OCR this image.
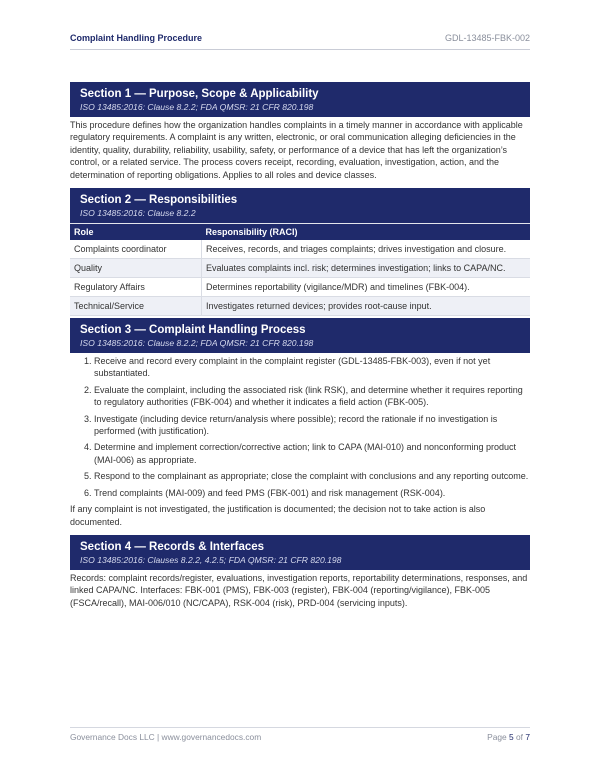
Complaint Handling Procedure	GDL-13485-FBK-002
Section 1 — Purpose, Scope & Applicability
ISO 13485:2016: Clause 8.2.2; FDA QMSR: 21 CFR 820.198

This procedure defines how the organization handles complaints in a timely manner in accordance with applicable regulatory requirements. A complaint is any written, electronic, or oral communication alleging deficiencies in the identity, quality, durability, reliability, usability, safety, or performance of a device that has left the organization’s control, or a related service. The process covers receipt, recording, evaluation, investigation, action, and the determination of reporting obligations. Applies to all roles and device classes.

Section 2 — Responsibilities
ISO 13485:2016: Clause 8.2.2
Role	Responsibility (RACI)
Complaints coordinator	Receives, records, and triages complaints; drives investigation and closure.
Quality	Evaluates complaints incl. risk; determines investigation; links to CAPA/NC.
Regulatory Affairs	Determines reportability (vigilance/MDR) and timelines (FBK-004).
Technical/Service	Investigates returned devices; provides root-cause input.
Section 3 — Complaint Handling Process
ISO 13485:2016: Clause 8.2.2; FDA QMSR: 21 CFR 820.198
1. Receive and record every complaint in the complaint register (GDL-13485-FBK-003), even if not yet substantiated.
2. Evaluate the complaint, including the associated risk (link RSK), and determine whether it requires reporting to regulatory authorities (FBK-004) and whether it indicates a field action (FBK-005).
3. Investigate (including device return/analysis where possible); record the rationale if no investigation is performed (with justification).
4. Determine and implement correction/corrective action; link to CAPA (MAI-010) and nonconforming product (MAI-006) as appropriate.
5. Respond to the complainant as appropriate; close the complaint with conclusions and any reporting outcome.
6. Trend complaints (MAI-009) and feed PMS (FBK-001) and risk management (RSK-004).

If any complaint is not investigated, the justification is documented; the decision not to take action is also documented.

Section 4 — Records & Interfaces
ISO 13485:2016: Clauses 8.2.2, 4.2.5; FDA QMSR: 21 CFR 820.198

Records: complaint records/register, evaluations, investigation reports, reportability determinations, responses, and linked CAPA/NC. Interfaces: FBK-001 (PMS), FBK-003 (register), FBK-004 (reporting/vigilance), FBK-005 (FSCA/recall), MAI-006/010 (NC/CAPA), RSK-004 (risk), PRD-004 (servicing inputs).

Governance Docs LLC | www.governancedocs.com	Page 5 of 7
